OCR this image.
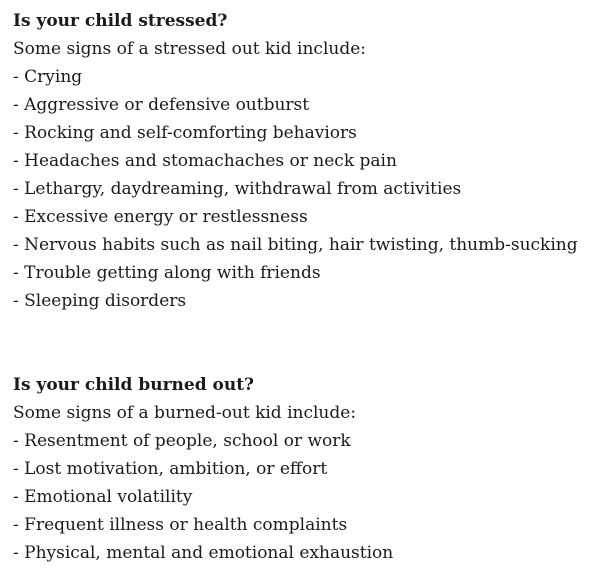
Is your child stressed?
Some signs of a stressed out kid include:
- Crying
- Aggressive or defensive outburst
- Rocking and self-comforting behaviors
- Headaches and stomachaches or neck pain
- Lethargy, daydreaming, withdrawal from activities
- Excessive energy or restlessness
- Nervous habits such as nail biting, hair twisting, thumb-sucking
- Trouble getting along with friends
- Sleeping disorders
Is your child burned out?
Some signs of a burned-out kid include:
- Resentment of people, school or work
- Lost motivation, ambition, or effort
- Emotional volatility
- Frequent illness or health complaints
- Physical, mental and emotional exhaustion
